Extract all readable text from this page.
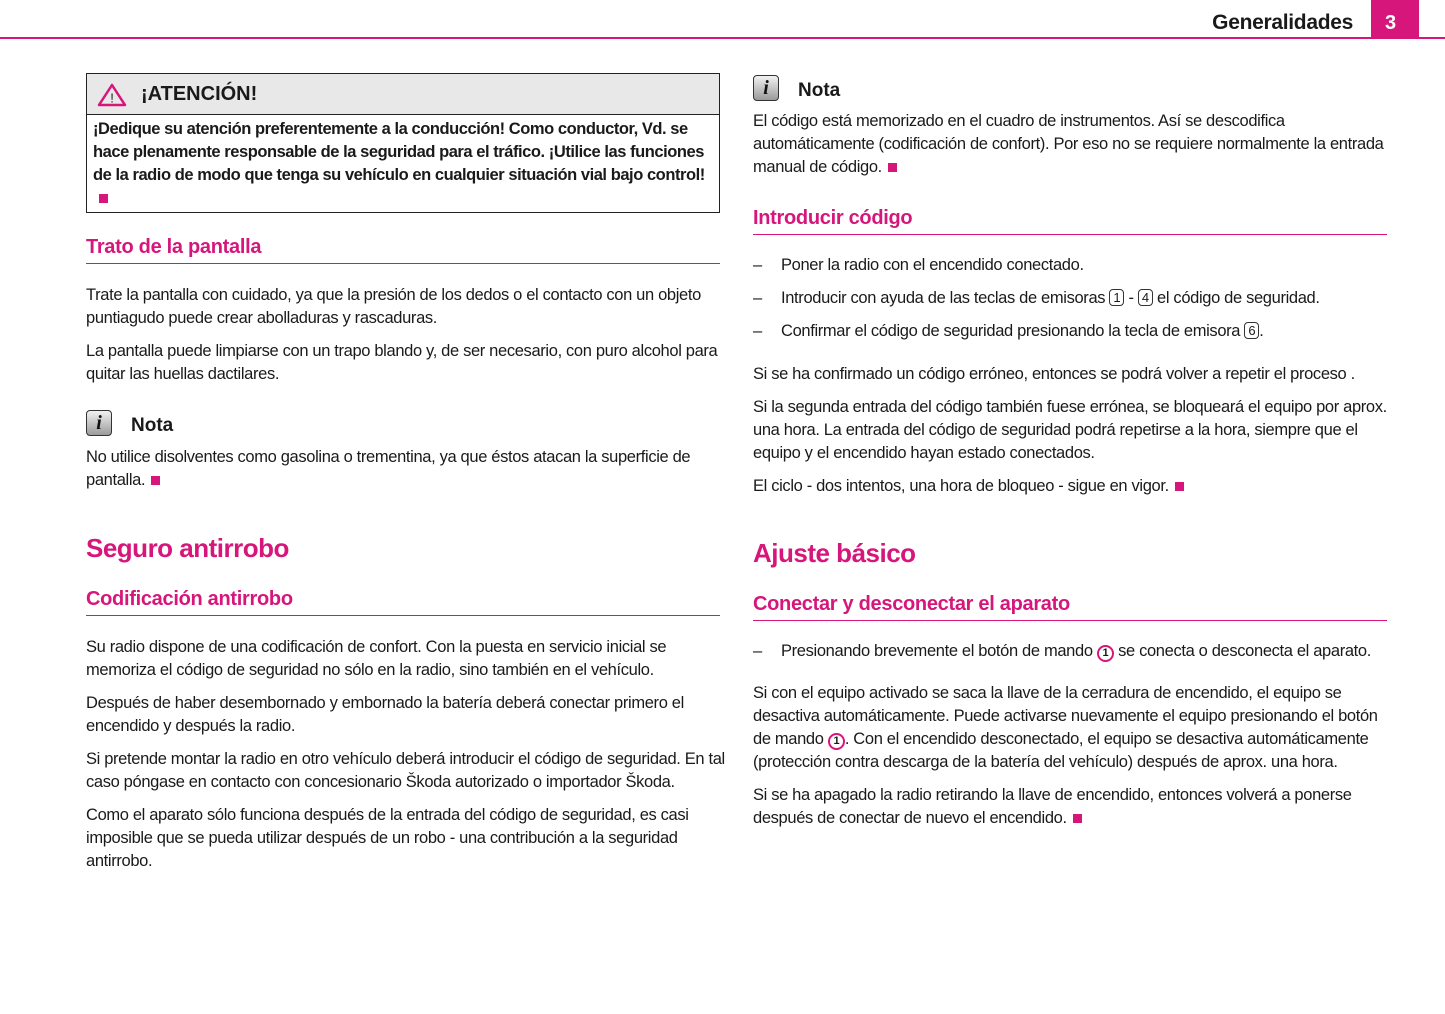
Generalidades	3
! ¡ATENCIÓN!
¡Dedique su atención preferentemente a la conducción! Como conductor, Vd. se hace plenamente responsable de la seguridad para el tráfico. ¡Utilice las funciones de la radio de modo que tenga su vehículo en cualquier situación vial bajo control!
Trato de la pantalla

Trate la pantalla con cuidado, ya que la presión de los dedos o el contacto con un objeto puntiagudo puede crear abolladuras y rascaduras.

La pantalla puede limpiarse con un trapo blando y, de ser necesario, con puro alcohol para quitar las huellas dactilares.

i	Nota

No utilice disolventes como gasolina o trementina, ya que éstos atacan la superficie de pantalla.

Seguro antirrobo
Codificación antirrobo

Su radio dispone de una codificación de confort. Con la puesta en servicio inicial se memoriza el código de seguridad no sólo en la radio, sino también en el vehículo.

Después de haber desembornado y embornado la batería deberá conectar primero el encendido y después la radio.

Si pretende montar la radio en otro vehículo deberá introducir el código de seguridad. En tal caso póngase en contacto con concesionario Škoda autorizado o importador Škoda.

Como el aparato sólo funciona después de la entrada del código de seguridad, es casi imposible que se pueda utilizar después de un robo - una contribución a la seguridad antirrobo.

i	Nota

El código está memorizado en el cuadro de instrumentos. Así se descodifica automáticamente (codificación de confort). Por eso no se requiere normalmente la entrada manual de código.

Introducir código

– Poner la radio con el encendido conectado.

– Introducir con ayuda de las teclas de emisoras 1 - 4 el código de seguridad.

– Confirmar el código de seguridad presionando la tecla de emisora 6 .

Si se ha confirmado un código erróneo, entonces se podrá volver a repetir el proceso .

Si la segunda entrada del código también fuese errónea, se bloqueará el equipo por aprox. una hora. La entrada del código de seguridad podrá repetirse a la hora, siempre que el equipo y el encendido hayan estado conectados.

El ciclo - dos intentos, una hora de bloqueo - sigue en vigor.

Ajuste básico
Conectar y desconectar el aparato

– Presionando brevemente el botón de mando 1 se conecta o desconecta el aparato.

Si con el equipo activado se saca la llave de la cerradura de encendido, el equipo se desactiva automáticamente. Puede activarse nuevamente el equipo presionando el botón de mando 1 . Con el encendido desconectado, el equipo se desactiva automáticamente (protección contra descarga de la batería del vehículo) después de aprox. una hora.

Si se ha apagado la radio retirando la llave de encendido, entonces volverá a ponerse después de conectar de nuevo el encendido.
